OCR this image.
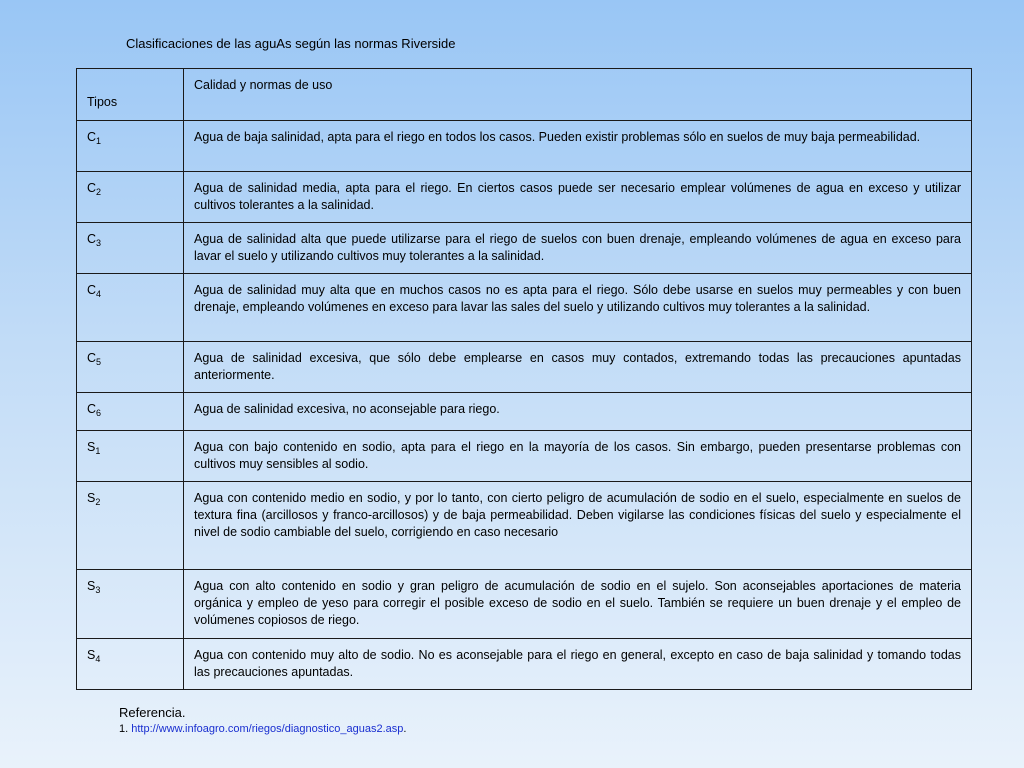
Clasificaciones de las aguAs según las normas Riverside
Tipos	Calidad y normas de uso
$C_1$	Agua de baja salinidad, apta para el riego en todos los casos. Pueden existir problemas sólo en suelos de muy baja permeabilidad.
$C_2$	Agua de salinidad media, apta para el riego. En ciertos casos puede ser necesario emplear volúmenes de agua en exceso y utilizar cultivos tolerantes a la salinidad.
$C_3$	Agua de salinidad alta que puede utilizarse para el riego de suelos con buen drenaje, empleando volúmenes de agua en exceso para lavar el suelo y utilizando cultivos muy tolerantes a la salinidad.
$C_4$	Agua de salinidad muy alta que en muchos casos no es apta para el riego. Sólo debe usarse en suelos muy permeables y con buen drenaje, empleando volúmenes en exceso para lavar las sales del suelo y utilizando cultivos muy tolerantes a la salinidad.
$C_5$	Agua de salinidad excesiva, que sólo debe emplearse en casos muy contados, extremando todas las precauciones apuntadas anteriormente.
$C_6$	Agua de salinidad excesiva, no aconsejable para riego.
$S_1$	Agua con bajo contenido en sodio, apta para el riego en la mayoría de los casos. Sin embargo, pueden presentarse problemas con cultivos muy sensibles al sodio.
$S_2$	Agua con contenido medio en sodio, y por lo tanto, con cierto peligro de acumulación de sodio en el suelo, especialmente en suelos de textura fina (arcillosos y franco-arcillosos) y de baja permeabilidad. Deben vigilarse las condiciones físicas del suelo y especialmente el nivel de sodio cambiable del suelo, corrigiendo en caso necesario
$S_3$	Agua con alto contenido en sodio y gran peligro de acumulación de sodio en el sujelo. Son aconsejables aportaciones de materia orgánica y empleo de yeso para corregir el posible exceso de sodio en el suelo. También se requiere un buen drenaje y el empleo de volúmenes copiosos de riego.
$S_4$	Agua con contenido muy alto de sodio. No es aconsejable para el riego en general, excepto en caso de baja salinidad y tomando todas las precauciones apuntadas.
Referencia.
1. http://www.infoagro.com/riegos/diagnostico_aguas2.asp.
